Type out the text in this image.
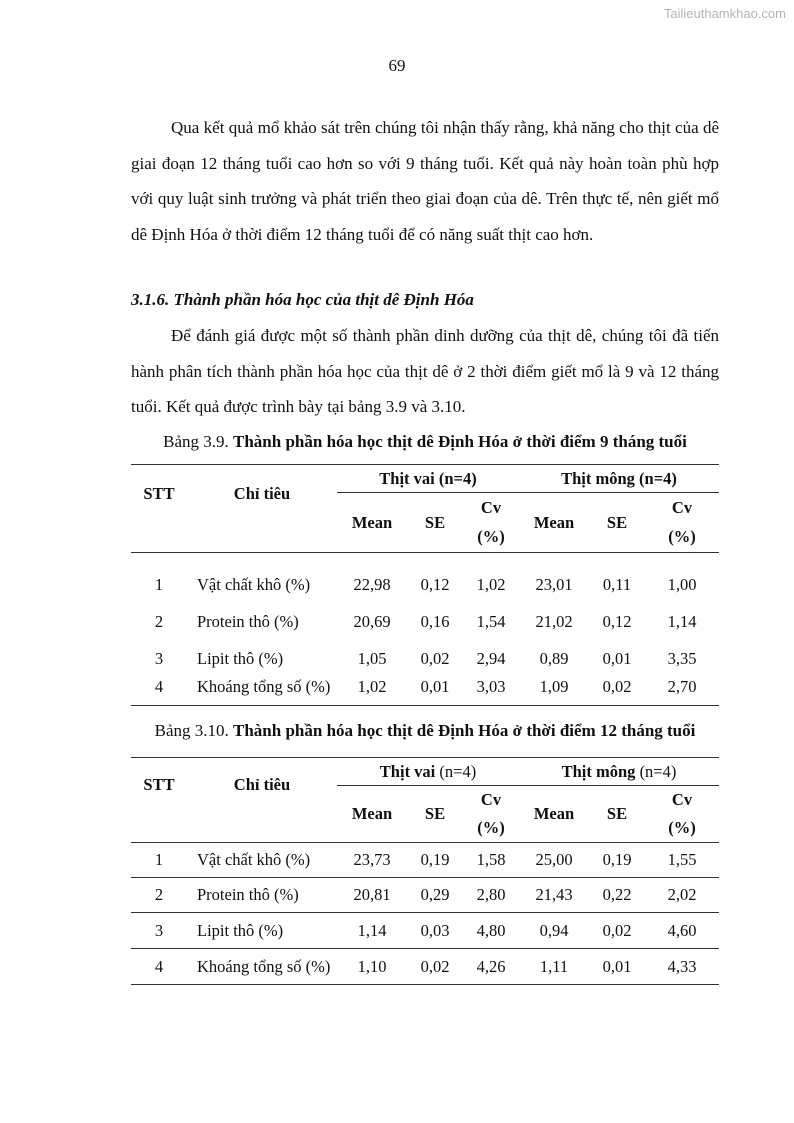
Tailieuthamkhao.com
69
Qua kết quả mổ khảo sát trên chúng tôi nhận thấy rằng, khả năng cho thịt của dê giai đoạn 12 tháng tuổi cao hơn so với 9 tháng tuổi. Kết quả này hoàn toàn phù hợp với quy luật sinh trưởng và phát triển theo giai đoạn của dê. Trên thực tế, nên giết mổ dê Định Hóa ở thời điểm 12 tháng tuổi để có năng suất thịt cao hơn.
3.1.6. Thành phần hóa học của thịt dê Định Hóa
Để đánh giá được một số thành phần dinh dưỡng của thịt dê, chúng tôi đã tiến hành phân tích thành phần hóa học của thịt dê ở 2 thời điểm giết mổ là 9 và 12 tháng tuổi. Kết quả được trình bày tại bảng 3.9 và 3.10.
Bảng 3.9. Thành phần hóa học thịt dê Định Hóa ở thời điểm 9 tháng tuổi
STT	Chỉ tiêu	Thịt vai (n=4)			Thịt mông (n=4)		
		Mean	SE	Cv	Mean	SE	Cv
				(%)			(%)
1	Vật chất khô (%)	22,98	0,12	1,02	23,01	0,11	1,00
2	Protein thô (%)	20,69	0,16	1,54	21,02	0,12	1,14
3	Lipit thô (%)	1,05	0,02	2,94	0,89	0,01	3,35
4	Khoáng tổng số (%)	1,02	0,01	3,03	1,09	0,02	2,70
Bảng 3.10. Thành phần hóa học thịt dê Định Hóa ở thời điểm 12 tháng tuổi
STT	Chỉ tiêu	Thịt vai (n=4)			Thịt mông (n=4)		
		Mean	SE	Cv	Mean	SE	Cv
				(%)			(%)
1	Vật chất khô (%)	23,73	0,19	1,58	25,00	0,19	1,55
2	Protein thô (%)	20,81	0,29	2,80	21,43	0,22	2,02
3	Lipit thô (%)	1,14	0,03	4,80	0,94	0,02	4,60
4	Khoáng tổng số (%)	1,10	0,02	4,26	1,11	0,01	4,33
